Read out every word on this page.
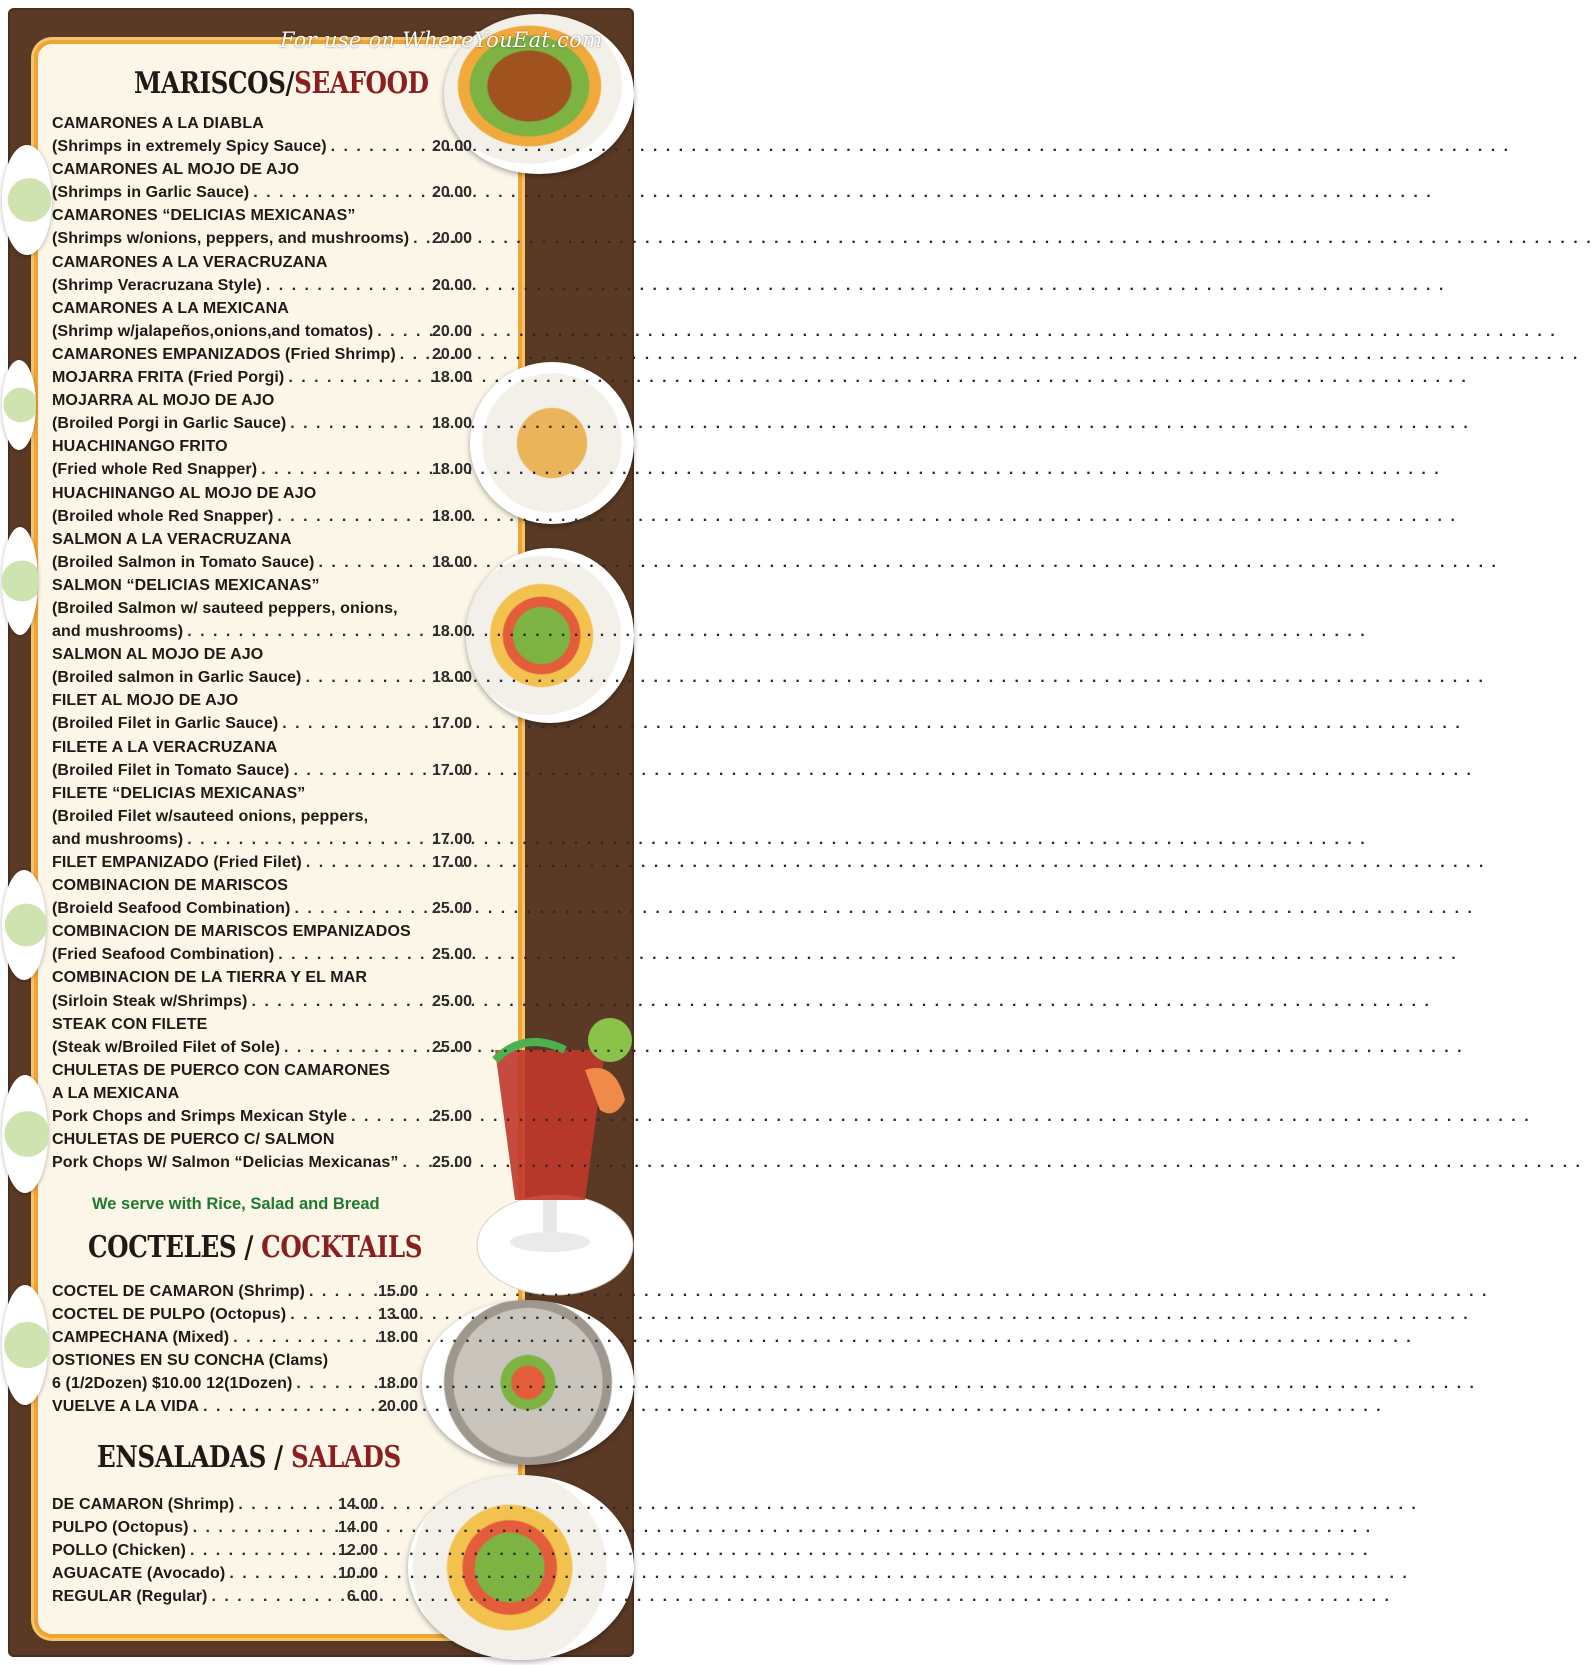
For use on WhereYouEat.com
MARISCOS/SEAFOOD
CAMARONES A LA DIABLA
(Shrimps in extremely Spicy Sauce) . . .	20.00
CAMARONES AL MOJO DE AJO
(Shrimps in Garlic Sauce) . . .	20.00
CAMARONES “DELICIAS MEXICANAS”
(Shrimps w/onions, peppers, and mushrooms) . . . 20.00
CAMARONES A LA VERACRUZANA
(Shrimp Veracruzana Style) . . .	20.00
CAMARONES A LA MEXICANA
(Shrimp w/jalapeños,onions,and tomatos) . . .	20.00
CAMARONES EMPANIZADOS (Fried Shrimp) . . . 20.00
MOJARRA FRITA (Fried Porgi) . . .	18.00
MOJARRA AL MOJO DE AJO
(Broiled Porgi in Garlic Sauce) . . .	18.00
HUACHINANGO FRITO
(Fried whole Red Snapper) . . .	18.00
HUACHINANGO AL MOJO DE AJO
(Broiled whole Red Snapper) . . .	18.00
SALMON A LA VERACRUZANA
(Broiled Salmon in Tomato Sauce) . . .	18.00
SALMON “DELICIAS MEXICANAS”
(Broiled Salmon w/ sauteed peppers, onions,
and mushrooms) . . .	18.00
SALMON AL MOJO DE AJO
(Broiled salmon in Garlic Sauce) . . .	18.00
FILET AL MOJO DE AJO
(Broiled Filet in Garlic Sauce) . . .	17.00
FILETE A LA VERACRUZANA
(Broiled Filet in Tomato Sauce) . . .	17.00
FILETE “DELICIAS MEXICANAS”
(Broiled Filet w/sauteed onions, peppers,
and mushrooms) . . .	17.00
FILET EMPANIZADO (Fried Filet) . . .	17.00
COMBINACION DE MARISCOS
(Broield Seafood Combination) . . .	25.00
COMBINACION DE MARISCOS EMPANIZADOS
(Fried Seafood Combination) . . .	25.00
COMBINACION DE LA TIERRA Y EL MAR
(Sirloin Steak w/Shrimps) . . .	25.00
STEAK CON FILETE
(Steak w/Broiled Filet of Sole) . . .	25.00
CHULETAS DE PUERCO CON CAMARONES
A LA MEXICANA
Pork Chops and Srimps Mexican Style . . .	25.00
CHULETAS DE PUERCO C/ SALMON
Pork Chops W/ Salmon “Delicias Mexicanas” . . . 25.00
We serve with Rice, Salad and Bread
COCTELES / COCKTAILS
COCTEL DE CAMARON (Shrimp) . . .	15.00
COCTEL DE PULPO (Octopus) . . .	13.00
CAMPECHANA (Mixed) . . .	18.00
OSTIONES EN SU CONCHA (Clams)
6 (1/2Dozen) $10.00 12(1Dozen) . . .	18.00
VUELVE A LA VIDA . . .	20.00
ENSALADAS / SALADS
DE CAMARON (Shrimp) . . .	14.00
PULPO (Octopus) . . .	14.00
POLLO (Chicken) . . .	12.00
AGUACATE (Avocado) . . .	10.00
REGULAR (Regular) . . .	6.00
